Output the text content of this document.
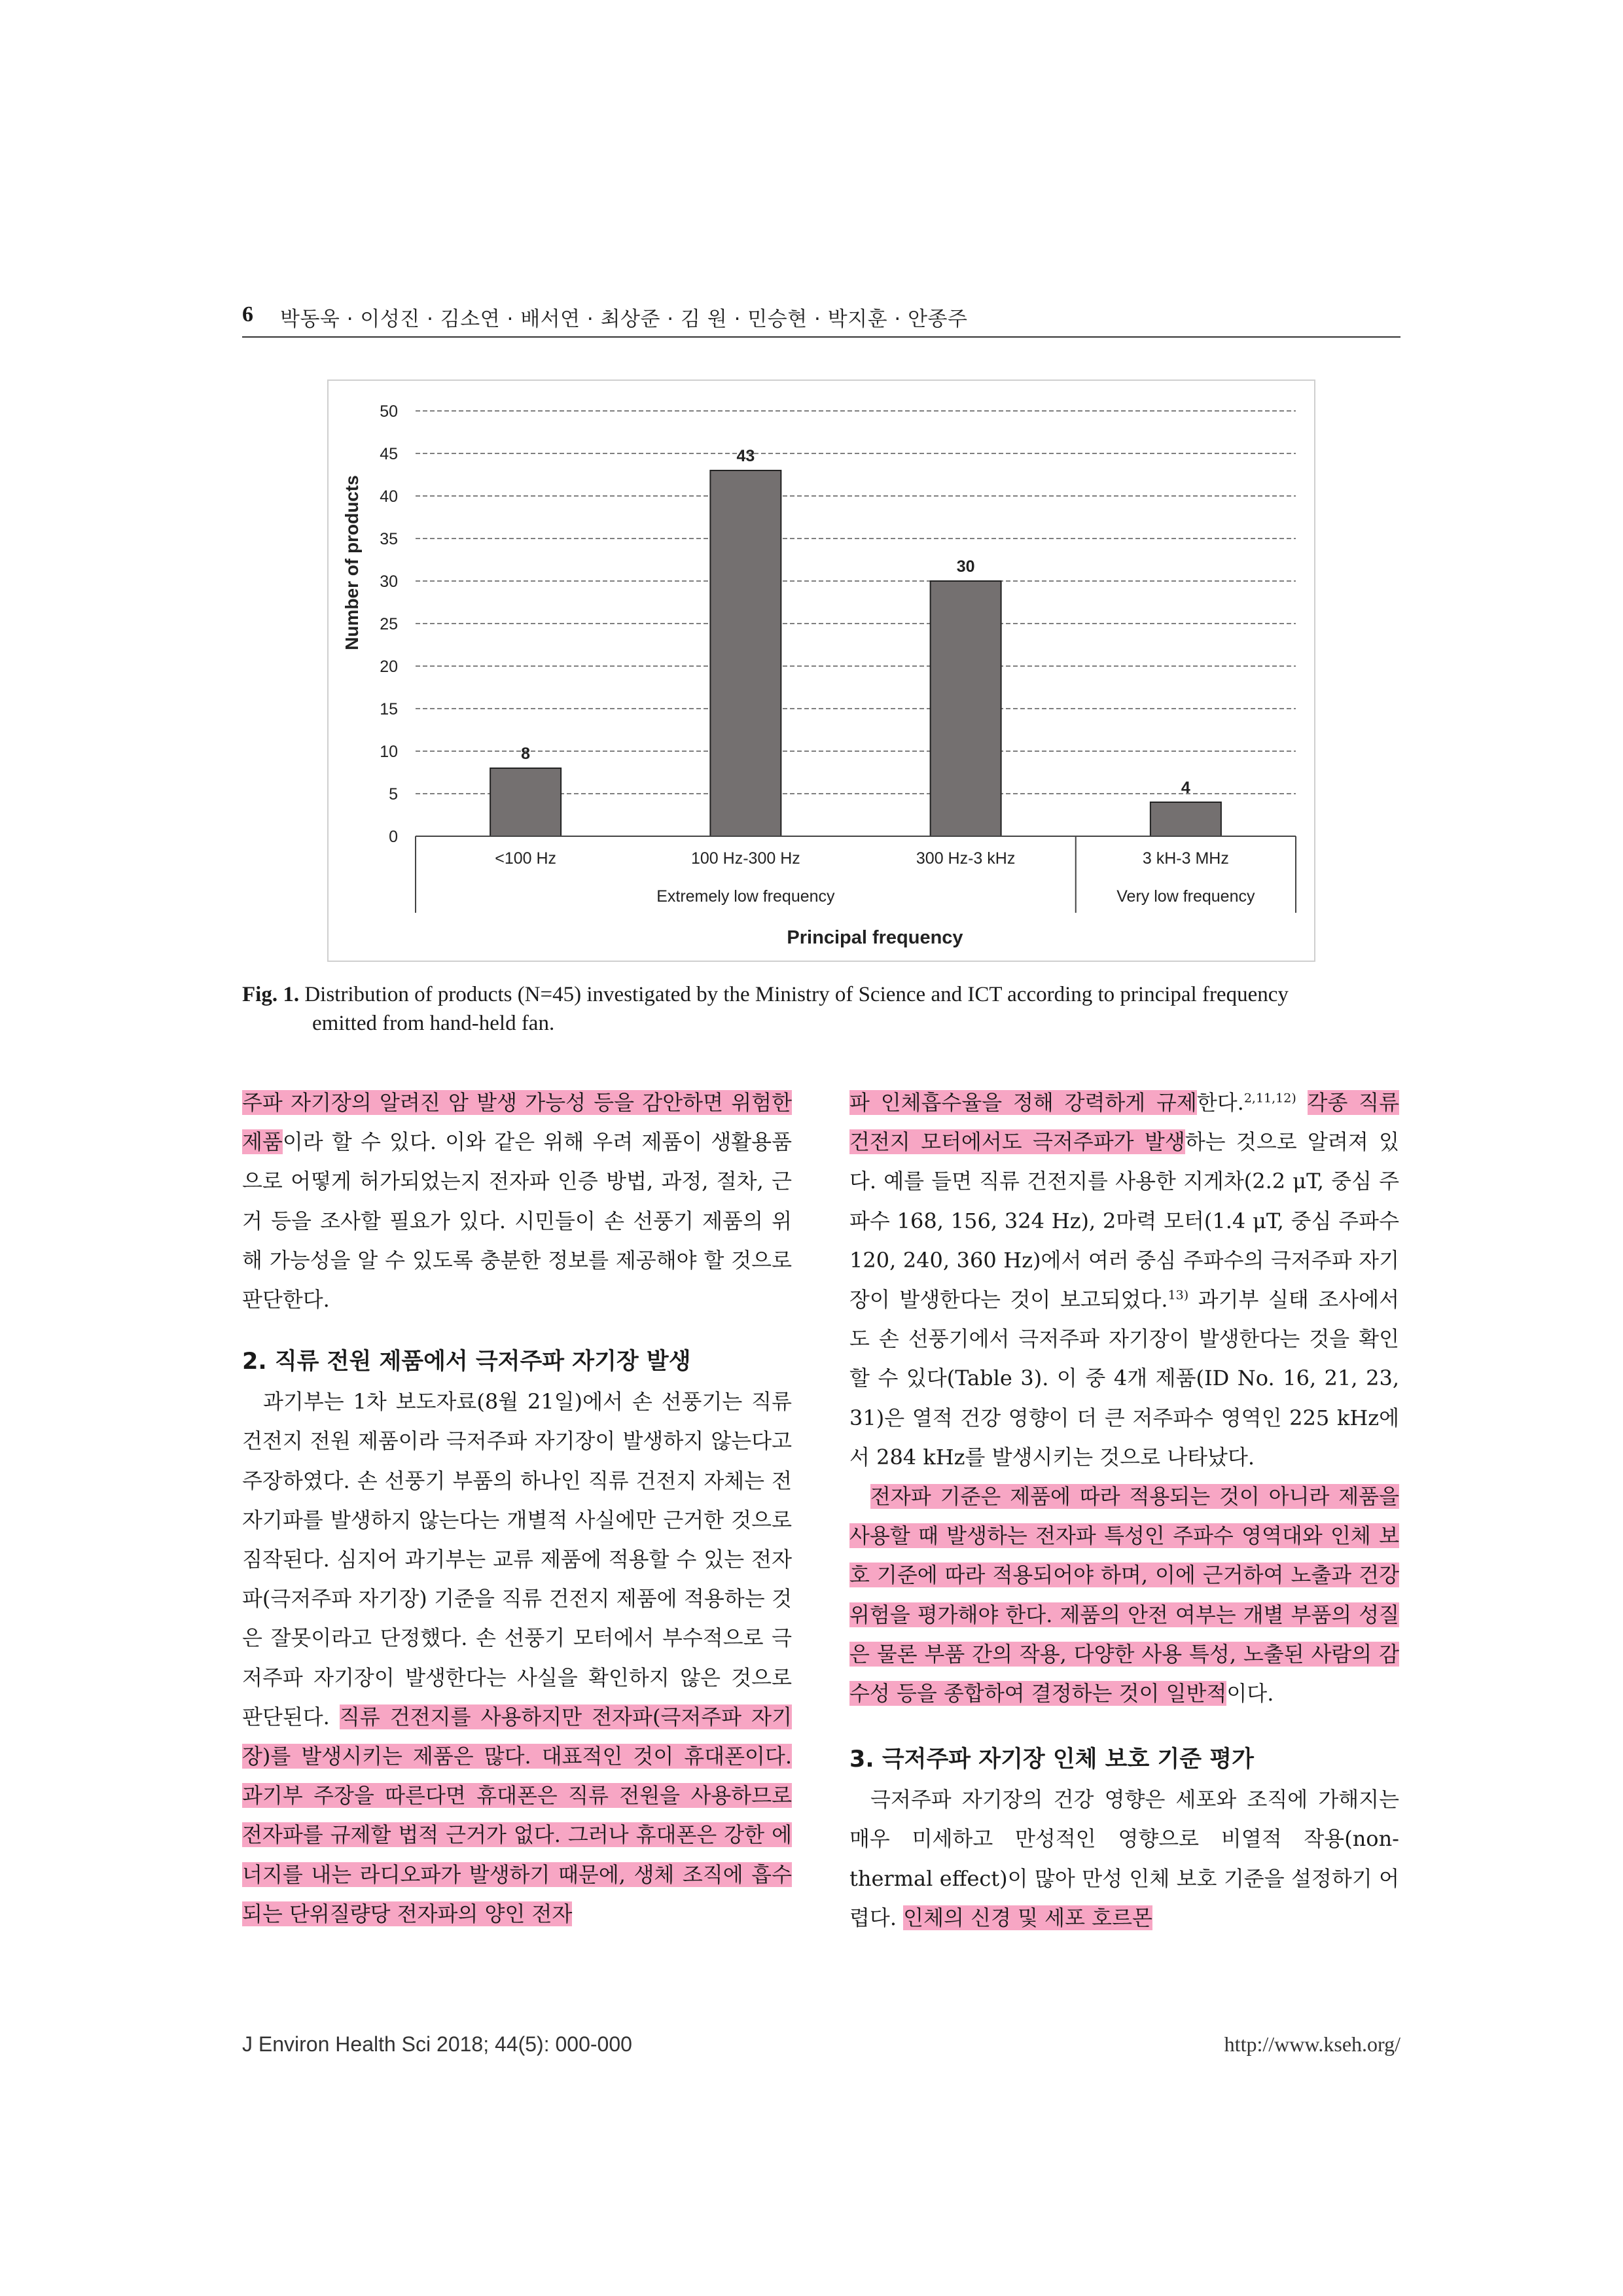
6 박동욱 · 이성진 · 김소연 · 배서연 · 최상준 · 김 원 · 민승현 · 박지훈 · 안종주
0
5
10
15
20
25
30
35
40
45
50
8
43
30
4
<100 Hz	100 Hz-300 Hz	300 Hz-3 kHz	3 kH-3 MHz
Extremely low frequency	Very low frequency
Number of products
Principal frequency
Fig. 1. Distribution of products (N=45) investigated by the Ministry of Science and ICT according to principal frequency
emitted from hand-held fan.

주파 자기장의 알려진 암 발생 가능성 등을 감안하면 위험한 제품이라 할 수 있다. 이와 같은 위해 우려 제품이 생활용품으로 어떻게 허가되었는지 전자파 인증 방법, 과정, 절차, 근거 등을 조사할 필요가 있다. 시민들이 손 선풍기 제품의 위해 가능성을 알 수 있도록 충분한 정보를 제공해야 할 것으로 판단한다.

2. 직류 전원 제품에서 극저주파 자기장 발생

과기부는 1차 보도자료(8월 21일)에서 손 선풍기는 직류 건전지 전원 제품이라 극저주파 자기장이 발생하지 않는다고 주장하였다. 손 선풍기 부품의 하나인 직류 건전지 자체는 전자기파를 발생하지 않는다는 개별적 사실에만 근거한 것으로 짐작된다. 심지어 과기부는 교류 제품에 적용할 수 있는 전자파(극저주파 자기장) 기준을 직류 건전지 제품에 적용하는 것은 잘못이라고 단정했다. 손 선풍기 모터에서 부수적으로 극저주파 자기장이 발생한다는 사실을 확인하지 않은 것으로 판단된다. 직류 건전지를 사용하지만 전자파(극저주파 자기장)를 발생시키는 제품은 많다. 대표적인 것이 휴대폰이다. 과기부 주장을 따른다면 휴대폰은 직류 전원을 사용하므로 전자파를 규제할 법적 근거가 없다. 그러나 휴대폰은 강한 에너지를 내는 라디오파가 발생하기 때문에, 생체 조직에 흡수되는 단위질량당 전자파의 양인 전자

파 인체흡수율을 정해 강력하게 규제한다.$^{2,11,12)}$ 각종 직류 건전지 모터에서도 극저주파가 발생하는 것으로 알려져 있다. 예를 들면 직류 건전지를 사용한 지게차(2.2 μT, 중심 주파수 168, 156, 324 Hz), 2마력 모터(1.4 μT, 중심 주파수 120, 240, 360 Hz)에서 여러 중심 주파수의 극저주파 자기장이 발생한다는 것이 보고되었다.$^{13)}$ 과기부 실태 조사에서도 손 선풍기에서 극저주파 자기장이 발생한다는 것을 확인할 수 있다(Table 3). 이 중 4개 제품(ID No. 16, 21, 23, 31)은 열적 건강 영향이 더 큰 저주파수 영역인 225 kHz에서 284 kHz를 발생시키는 것으로 나타났다.

전자파 기준은 제품에 따라 적용되는 것이 아니라 제품을 사용할 때 발생하는 전자파 특성인 주파수 영역대와 인체 보호 기준에 따라 적용되어야 하며, 이에 근거하여 노출과 건강 위험을 평가해야 한다. 제품의 안전 여부는 개별 부품의 성질은 물론 부품 간의 작용, 다양한 사용 특성, 노출된 사람의 감수성 등을 종합하여 결정하는 것이 일반적이다.

3. 극저주파 자기장 인체 보호 기준 평가

극저주파 자기장의 건강 영향은 세포와 조직에 가해지는 매우 미세하고 만성적인 영향으로 비열적 작용(non-thermal effect)이 많아 만성 인체 보호 기준을 설정하기 어렵다. 인체의 신경 및 세포 호르몬

J Environ Health Sci 2018; 44(5): 000-000	http://www.kseh.org/
